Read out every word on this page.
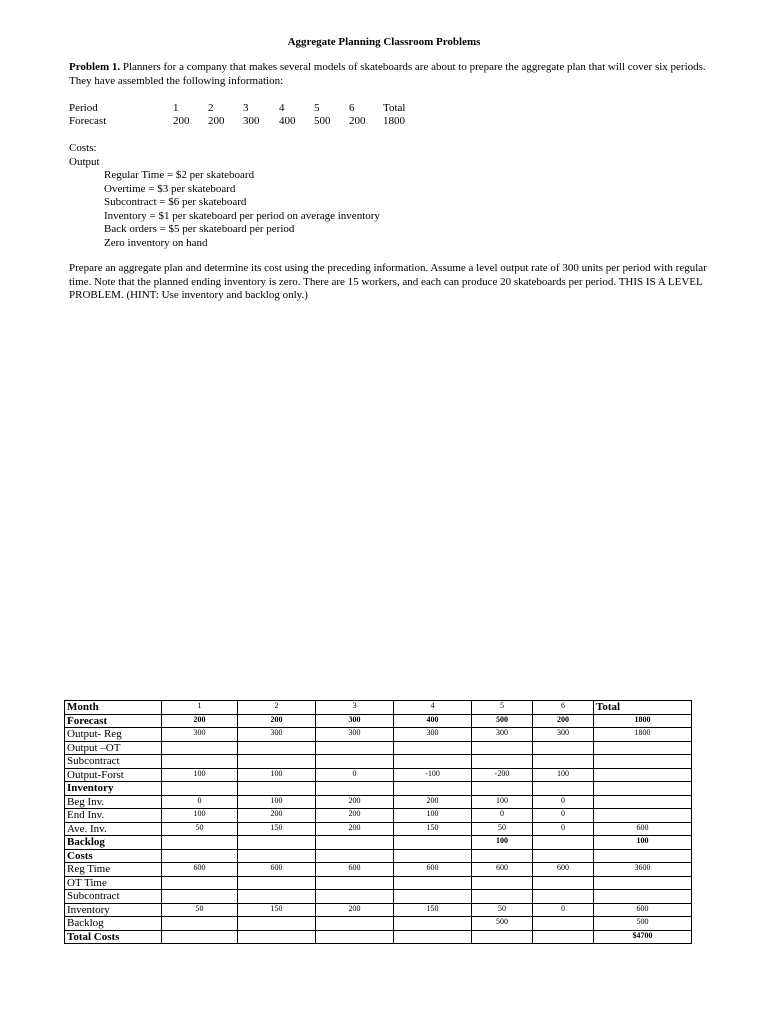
Aggregate Planning Classroom Problems
Problem 1. Planners for a company that makes several models of skateboards are about to prepare the aggregate plan that will cover six periods. They have assembled the following information:
Period	1	2	3	4	5	6	Total
Forecast	200 200 300 400 500 200 1800
Costs:
Output
Regular Time = $2 per skateboard
Overtime = $3 per skateboard
Subcontract = $6 per skateboard
Inventory = $1 per skateboard per period on average inventory
Back orders = $5 per skateboard per period
Zero inventory on hand
Prepare an aggregate plan and determine its cost using the preceding information. Assume a level output rate of 300 units per period with regular time. Note that the planned ending inventory is zero. There are 15 workers, and each can produce 20 skateboards per period. THIS IS A LEVEL PROBLEM. (HINT: Use inventory and backlog only.)
Month	1	2	3	4	5	6	Total
Forecast	200	200	300	400	500	200	1800
Output- Reg	300	300	300	300	300	300	1800
Output –OT							
Subcontract							
Output-Forst	100	100	0	-100	-200	100	
Inventory							
Beg Inv.	0	100	200	200	100	0	
End Inv.	100	200	200	100	0	0	
Ave. Inv.	50	150	200	150	50	0	600
Backlog					100		100
Costs							
Reg Time	600	600	600	600	600	600	3600
OT Time							
Subcontract							
Inventory	50	150	200	150	50	0	600
Backlog					500		500
Total Costs							$4700
